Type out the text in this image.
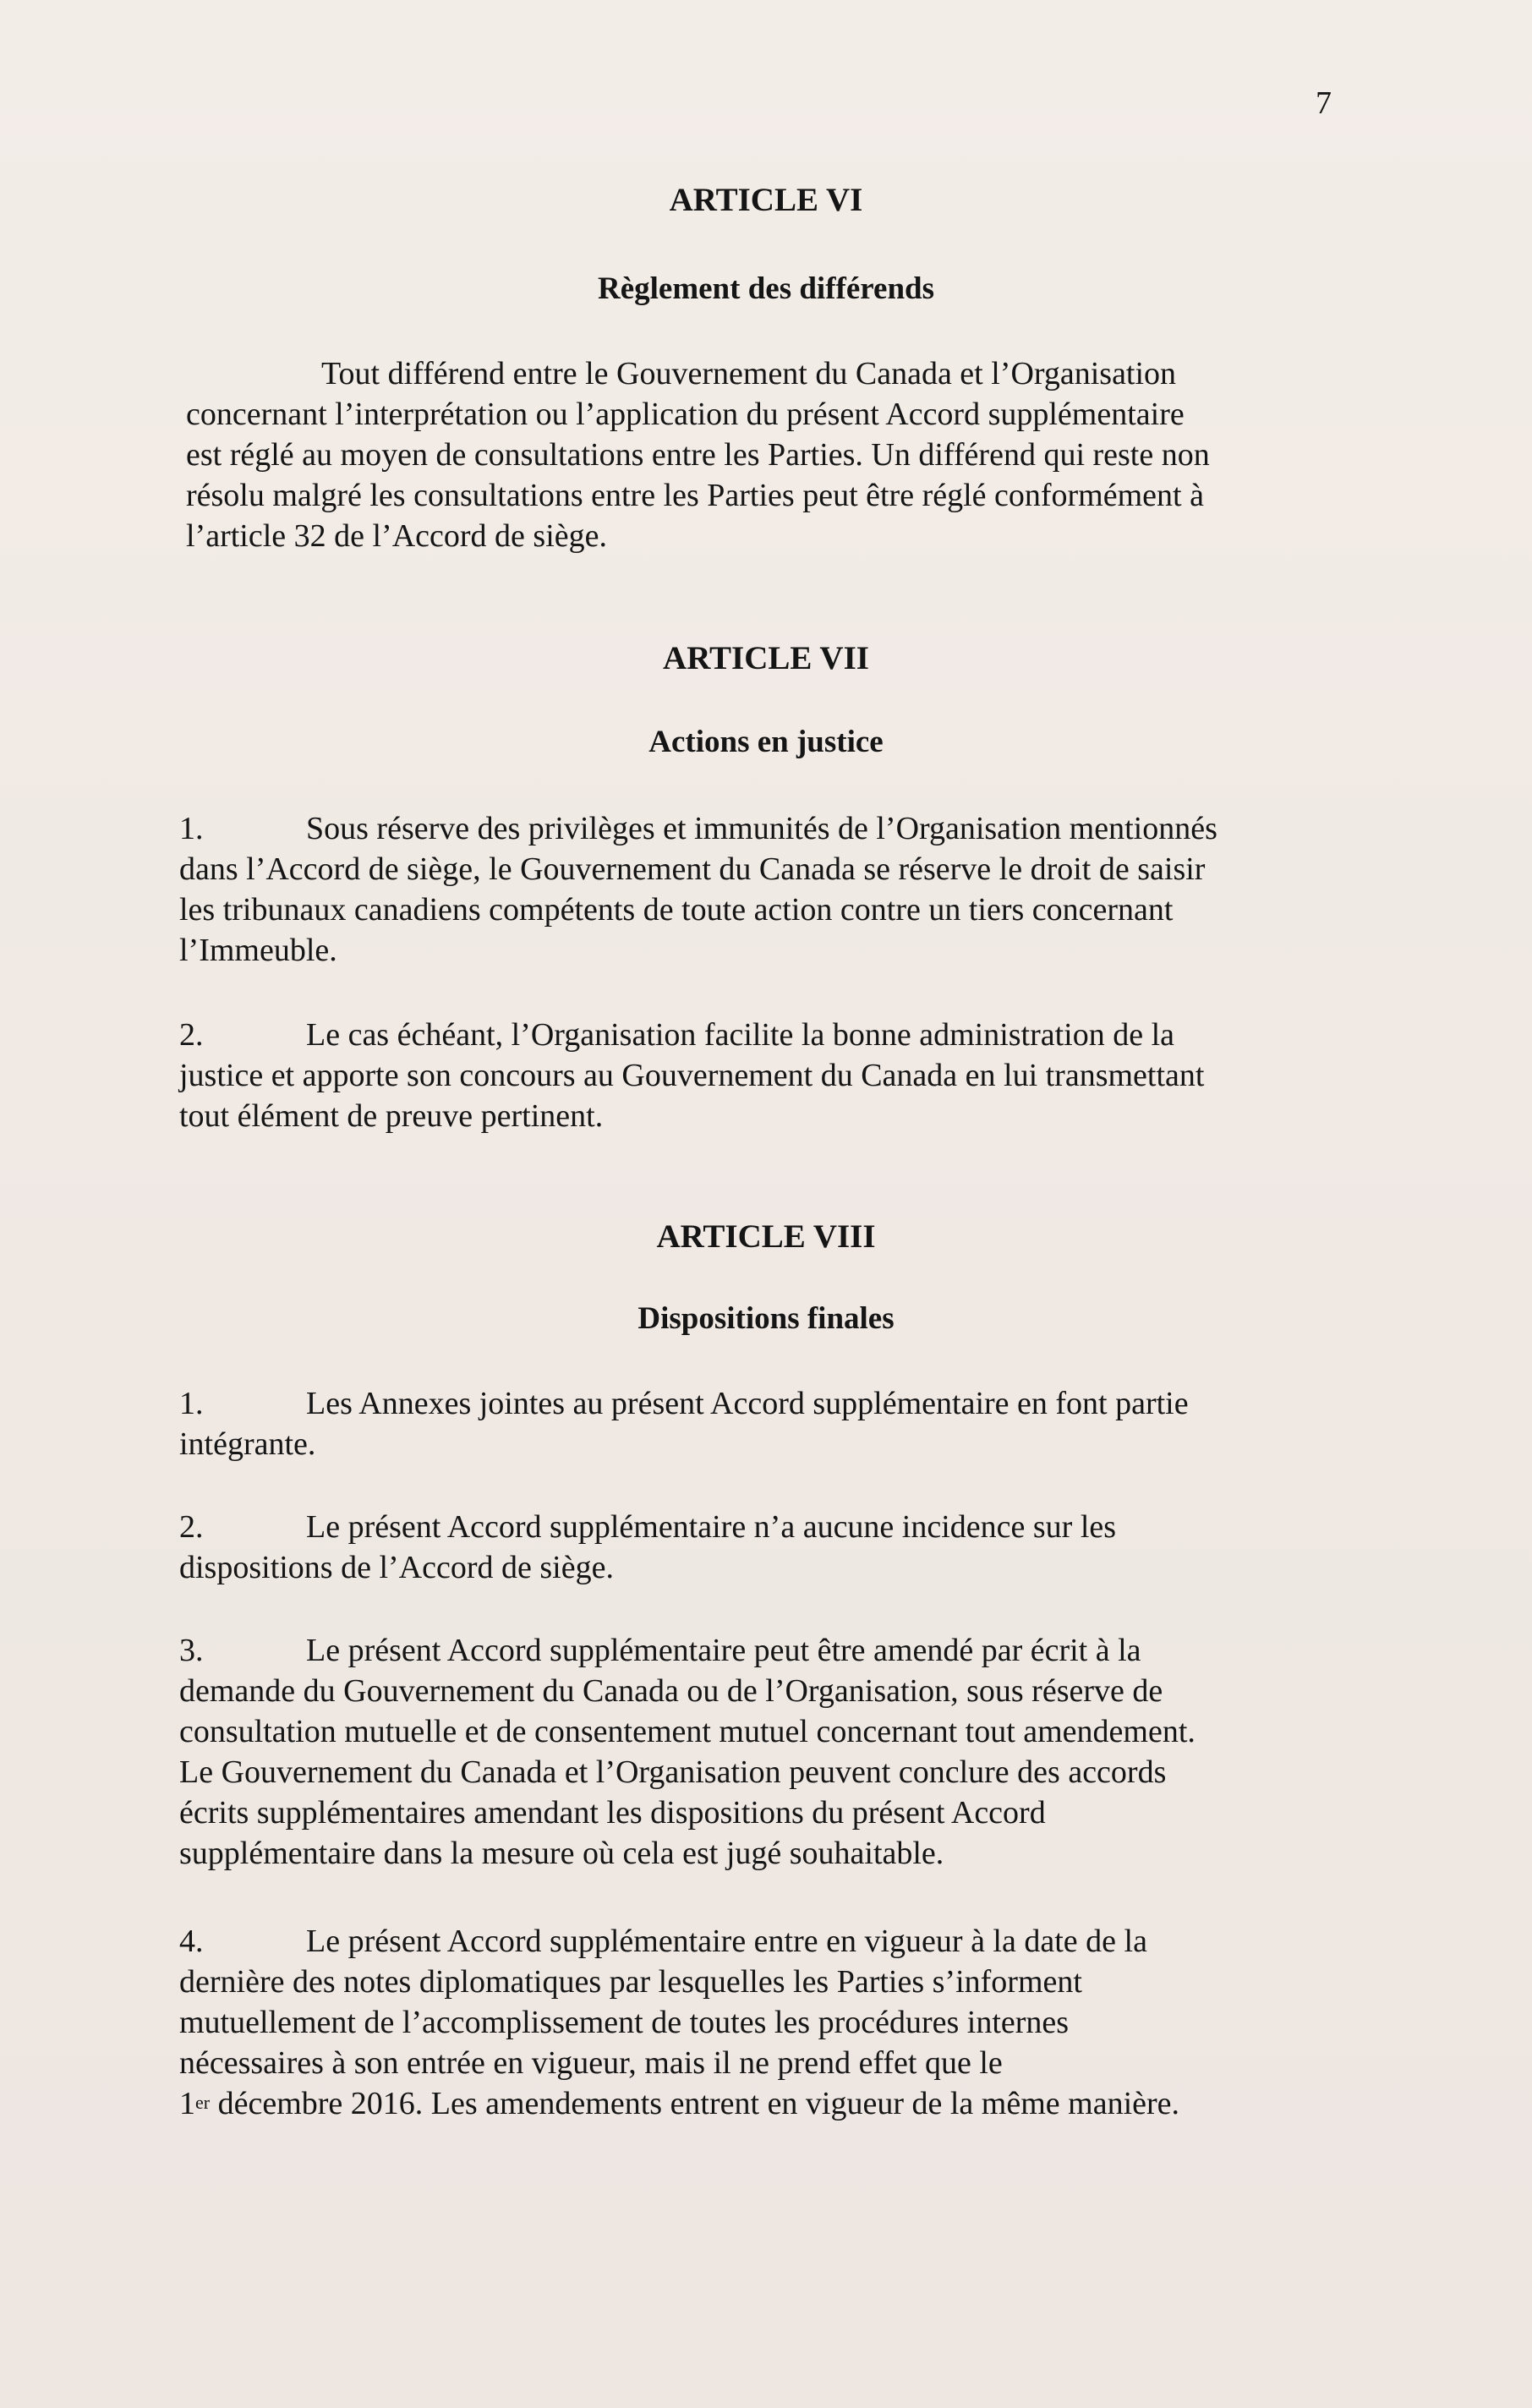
7
ARTICLE VI
Règlement des différends
Tout différend entre le Gouvernement du Canada et l’Organisation
concernant l’interprétation ou l’application du présent Accord supplémentaire
est réglé au moyen de consultations entre les Parties. Un différend qui reste non
résolu malgré les consultations entre les Parties peut être réglé conformément à
l’article 32 de l’Accord de siège.
ARTICLE VII
Actions en justice
1.	Sous réserve des privilèges et immunités de l’Organisation mentionnés
dans l’Accord de siège, le Gouvernement du Canada se réserve le droit de saisir
les tribunaux canadiens compétents de toute action contre un tiers concernant
l’Immeuble.
2.	Le cas échéant, l’Organisation facilite la bonne administration de la
justice et apporte son concours au Gouvernement du Canada en lui transmettant
tout élément de preuve pertinent.
ARTICLE VIII
Dispositions finales
1.	Les Annexes jointes au présent Accord supplémentaire en font partie
intégrante.
2.	Le présent Accord supplémentaire n’a aucune incidence sur les
dispositions de l’Accord de siège.
3.	Le présent Accord supplémentaire peut être amendé par écrit à la
demande du Gouvernement du Canada ou de l’Organisation, sous réserve de
consultation mutuelle et de consentement mutuel concernant tout amendement.
Le Gouvernement du Canada et l’Organisation peuvent conclure des accords
écrits supplémentaires amendant les dispositions du présent Accord
supplémentaire dans la mesure où cela est jugé souhaitable.
4.	Le présent Accord supplémentaire entre en vigueur à la date de la
dernière des notes diplomatiques par lesquelles les Parties s’informent
mutuellement de l’accomplissement de toutes les procédures internes
nécessaires à son entrée en vigueur, mais il ne prend effet que le
1er décembre 2016. Les amendements entrent en vigueur de la même manière.
